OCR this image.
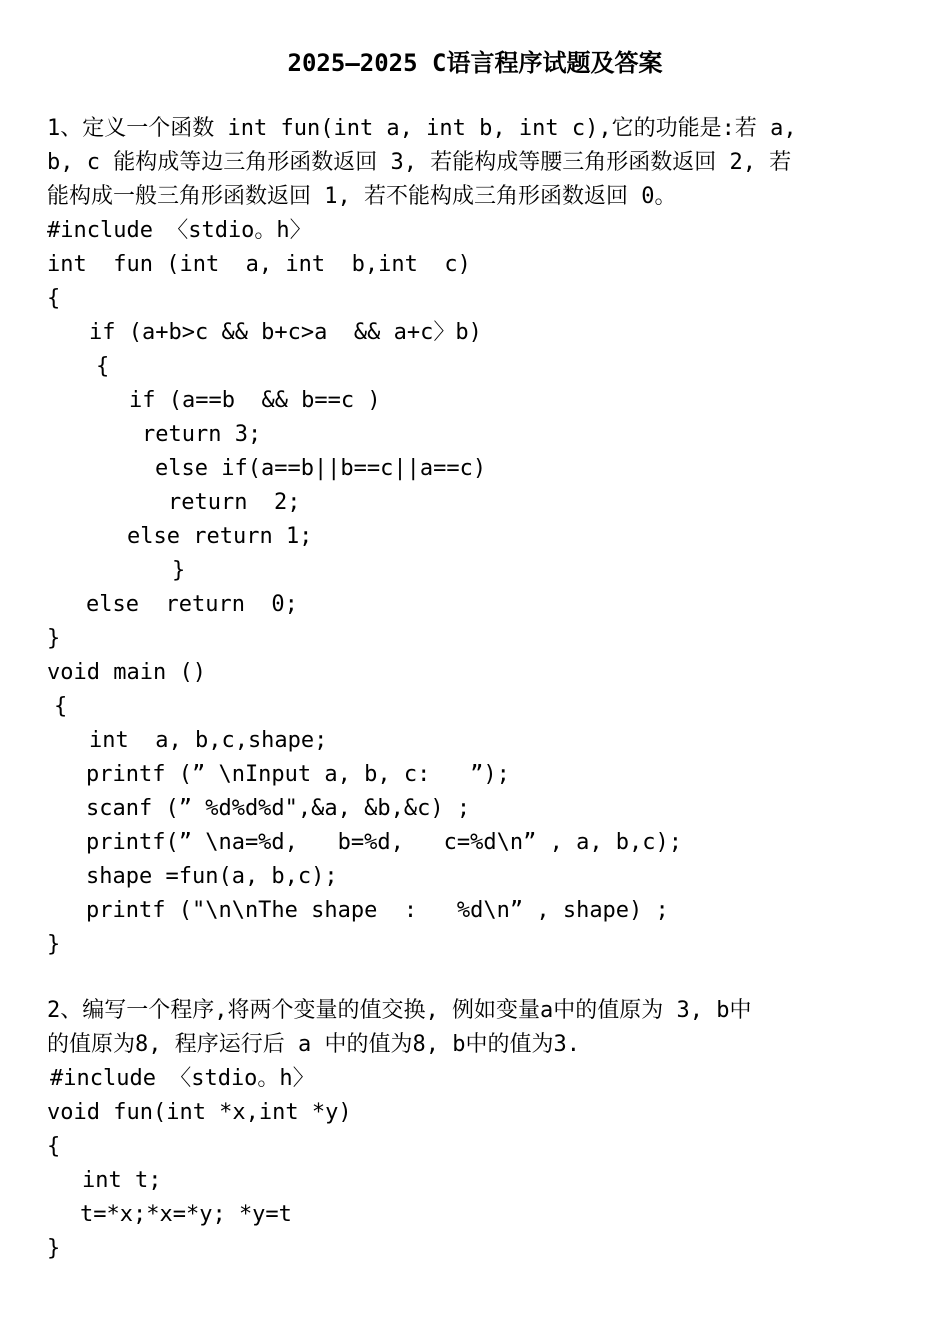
2025—2025 C语言程序试题及答案
1、定义一个函数 int fun(int a, int b, int c),它的功能是:若 a,
b, c 能构成等边三角形函数返回 3, 若能构成等腰三角形函数返回 2, 若
能构成一般三角形函数返回 1, 若不能构成三角形函数返回 0。
#include 〈stdio。h〉
int  fun (int  a, int  b,int  c)
{
if (a+b>c && b+c>a  && a+c〉b)
{
if (a==b  && b==c )
return 3;
else if(a==b||b==c||a==c)
return  2;
else return 1;
}
else  return  0;
}
void main ()
{
int  a, b,c,shape;
printf (” \nInput a, b, c:   ”);
scanf (” %d%d%d",&a, &b,&c) ;
printf(” \na=%d,   b=%d,   c=%d\n” , a, b,c);
shape =fun(a, b,c);
printf ("\n\nThe shape  :   %d\n” , shape) ;
}
2、编写一个程序,将两个变量的值交换, 例如变量a中的值原为 3, b中
的值原为8, 程序运行后 a 中的值为8, b中的值为3.
#include 〈stdio。h〉
void fun(int *x,int *y)
{
int t;
t=*x;*x=*y; *y=t
}
